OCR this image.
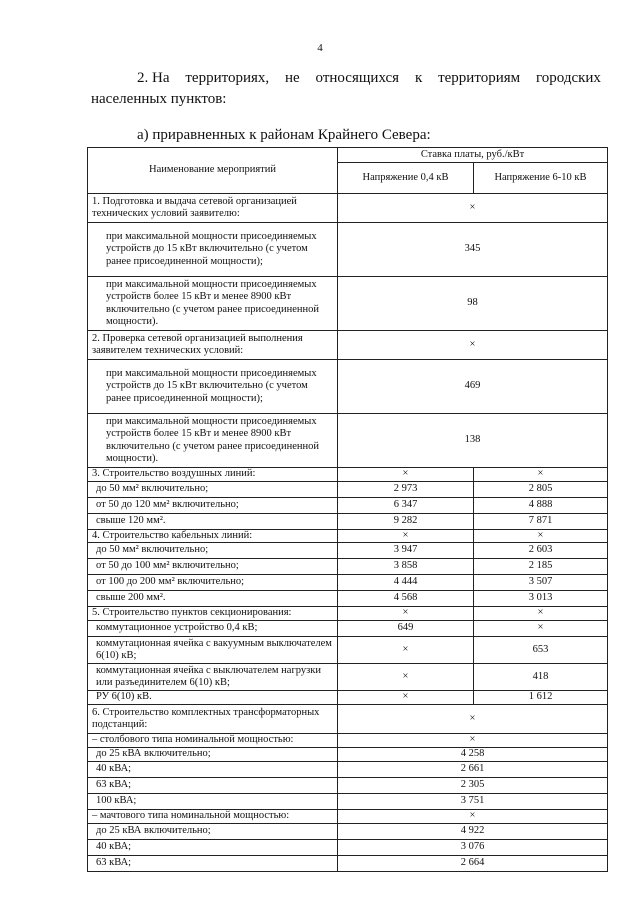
4
2. На территориях, не относящихся к территориям городских
населенных пунктов:
а) приравненных к районам Крайнего Севера:
Наименование мероприятий	Ставка платы, руб./кВт	
	Напряжение 0,4 кВ	Напряжение 6-10 кВ
1. Подготовка и выдача сетевой организацией технических условий заявителю:	×	
при максимальной мощности присоединяемых устройств до 15 кВт включительно (с учетом ранее присоединенной мощности);	345	
при максимальной мощности присоединяемых устройств более 15 кВт и менее 8900 кВт включительно (с учетом ранее присоединенной мощности).	98	
2. Проверка сетевой организацией выполнения заявителем технических условий:	×	
при максимальной мощности присоединяемых устройств до 15 кВт включительно (с учетом ранее присоединенной мощности);	469	
при максимальной мощности присоединяемых устройств более 15 кВт и менее 8900 кВт включительно (с учетом ранее присоединенной мощности).	138	
3. Строительство воздушных линий:	×	×
до 50 мм² включительно;	2 973	2 805
от 50 до 120 мм² включительно;	6 347	4 888
свыше 120 мм².	9 282	7 871
4. Строительство кабельных линий:	×	×
до 50 мм² включительно;	3 947	2 603
от 50 до 100 мм² включительно;	3 858	2 185
от 100 до 200 мм² включительно;	4 444	3 507
свыше 200 мм².	4 568	3 013
5. Строительство пунктов секционирования:	×	×
коммутационное устройство 0,4 кВ;	649	×
коммутационная ячейка с вакуумным выключателем 6(10) кВ;	×	653
коммутационная ячейка с выключателем нагрузки или разъединителем 6(10) кВ;	×	418
РУ 6(10) кВ.	×	1 612
6. Строительство комплектных трансформаторных подстанций:	×	
– столбового типа номинальной мощностью:	×	
до 25 кВА включительно;	4 258	
40 кВА;	2 661	
63 кВА;	2 305	
100 кВА;	3 751	
– мачтового типа номинальной мощностью:	×	
до 25 кВА включительно;	4 922	
40 кВА;	3 076	
63 кВА;	2 664	
